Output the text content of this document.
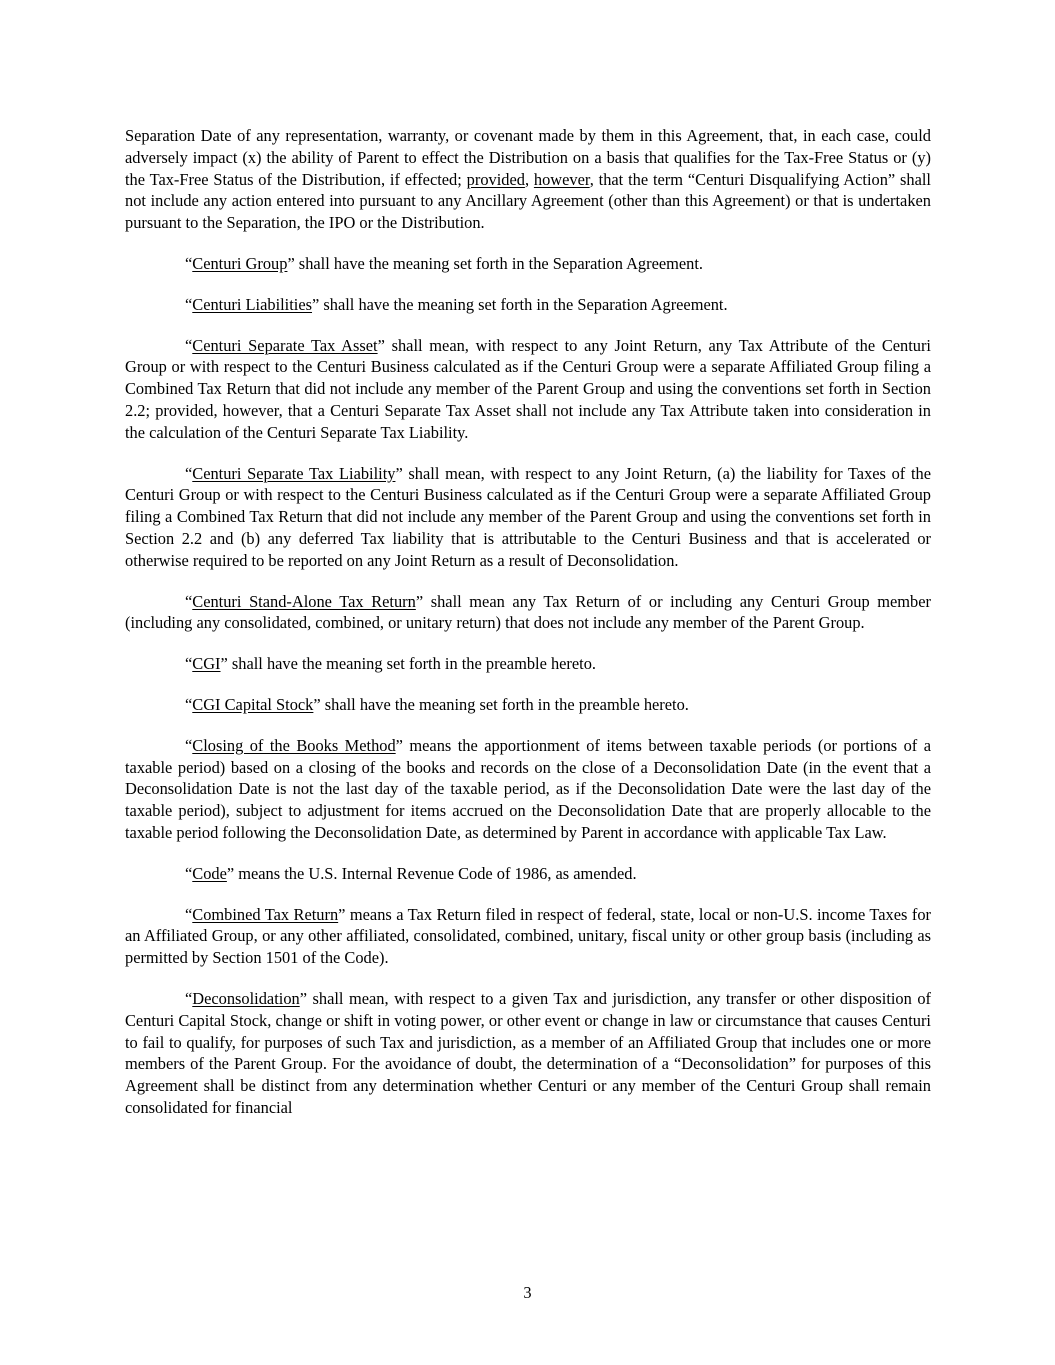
Separation Date of any representation, warranty, or covenant made by them in this Agreement, that, in each case, could adversely impact (x) the ability of Parent to effect the Distribution on a basis that qualifies for the Tax-Free Status or (y) the Tax-Free Status of the Distribution, if effected; provided, however, that the term “Centuri Disqualifying Action” shall not include any action entered into pursuant to any Ancillary Agreement (other than this Agreement) or that is undertaken pursuant to the Separation, the IPO or the Distribution.

“Centuri Group” shall have the meaning set forth in the Separation Agreement.

“Centuri Liabilities” shall have the meaning set forth in the Separation Agreement.

“Centuri Separate Tax Asset” shall mean, with respect to any Joint Return, any Tax Attribute of the Centuri Group or with respect to the Centuri Business calculated as if the Centuri Group were a separate Affiliated Group filing a Combined Tax Return that did not include any member of the Parent Group and using the conventions set forth in Section 2.2; provided, however, that a Centuri Separate Tax Asset shall not include any Tax Attribute taken into consideration in the calculation of the Centuri Separate Tax Liability.

“Centuri Separate Tax Liability” shall mean, with respect to any Joint Return, (a) the liability for Taxes of the Centuri Group or with respect to the Centuri Business calculated as if the Centuri Group were a separate Affiliated Group filing a Combined Tax Return that did not include any member of the Parent Group and using the conventions set forth in Section 2.2 and (b) any deferred Tax liability that is attributable to the Centuri Business and that is accelerated or otherwise required to be reported on any Joint Return as a result of Deconsolidation.

“Centuri Stand-Alone Tax Return” shall mean any Tax Return of or including any Centuri Group member (including any consolidated, combined, or unitary return) that does not include any member of the Parent Group.

“CGI” shall have the meaning set forth in the preamble hereto.

“CGI Capital Stock” shall have the meaning set forth in the preamble hereto.

“Closing of the Books Method” means the apportionment of items between taxable periods (or portions of a taxable period) based on a closing of the books and records on the close of a Deconsolidation Date (in the event that a Deconsolidation Date is not the last day of the taxable period, as if the Deconsolidation Date were the last day of the taxable period), subject to adjustment for items accrued on the Deconsolidation Date that are properly allocable to the taxable period following the Deconsolidation Date, as determined by Parent in accordance with applicable Tax Law.

“Code” means the U.S. Internal Revenue Code of 1986, as amended.

“Combined Tax Return” means a Tax Return filed in respect of federal, state, local or non-U.S. income Taxes for an Affiliated Group, or any other affiliated, consolidated, combined, unitary, fiscal unity or other group basis (including as permitted by Section 1501 of the Code).

“Deconsolidation” shall mean, with respect to a given Tax and jurisdiction, any transfer or other disposition of Centuri Capital Stock, change or shift in voting power, or other event or change in law or circumstance that causes Centuri to fail to qualify, for purposes of such Tax and jurisdiction, as a member of an Affiliated Group that includes one or more members of the Parent Group. For the avoidance of doubt, the determination of a “Deconsolidation” for purposes of this Agreement shall be distinct from any determination whether Centuri or any member of the Centuri Group shall remain consolidated for financial

3
